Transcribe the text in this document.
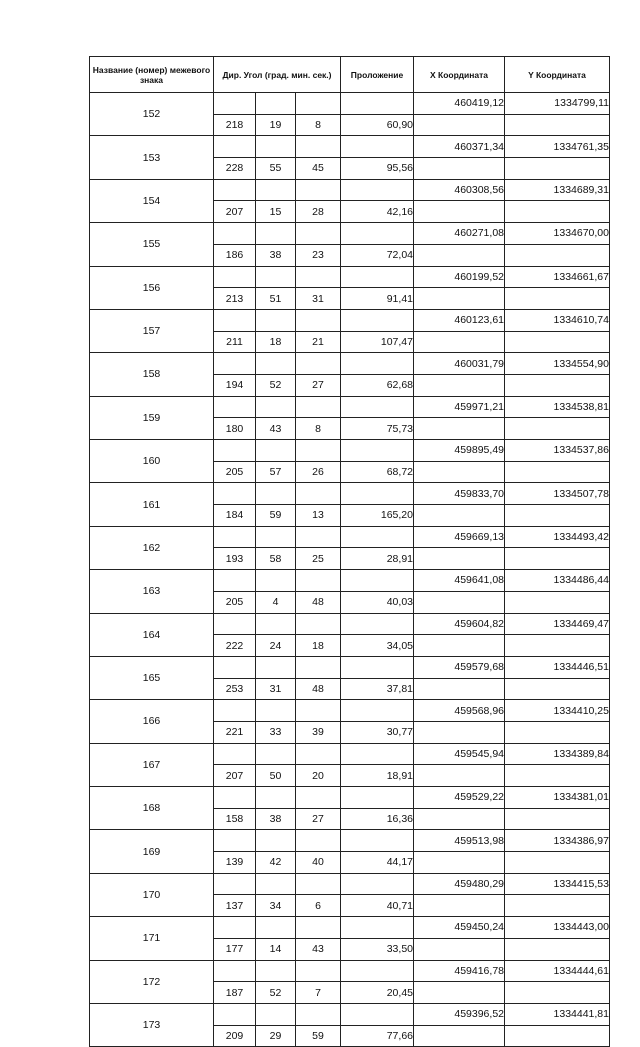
Название (номер) межевого знака	Дир. Угол (град. мин. сек.)			Проложение	X Координата	Y Координата
152					460419,12	1334799,11
	218	19	8	60,90		
153					460371,34	1334761,35
	228	55	45	95,56		
154					460308,56	1334689,31
	207	15	28	42,16		
155					460271,08	1334670,00
	186	38	23	72,04		
156					460199,52	1334661,67
	213	51	31	91,41		
157					460123,61	1334610,74
	211	18	21	107,47		
158					460031,79	1334554,90
	194	52	27	62,68		
159					459971,21	1334538,81
	180	43	8	75,73		
160					459895,49	1334537,86
	205	57	26	68,72		
161					459833,70	1334507,78
	184	59	13	165,20		
162					459669,13	1334493,42
	193	58	25	28,91		
163					459641,08	1334486,44
	205	4	48	40,03		
164					459604,82	1334469,47
	222	24	18	34,05		
165					459579,68	1334446,51
	253	31	48	37,81		
166					459568,96	1334410,25
	221	33	39	30,77		
167					459545,94	1334389,84
	207	50	20	18,91		
168					459529,22	1334381,01
	158	38	27	16,36		
169					459513,98	1334386,97
	139	42	40	44,17		
170					459480,29	1334415,53
	137	34	6	40,71		
171					459450,24	1334443,00
	177	14	43	33,50		
172					459416,78	1334444,61
	187	52	7	20,45		
173					459396,52	1334441,81
	209	29	59	77,66		
